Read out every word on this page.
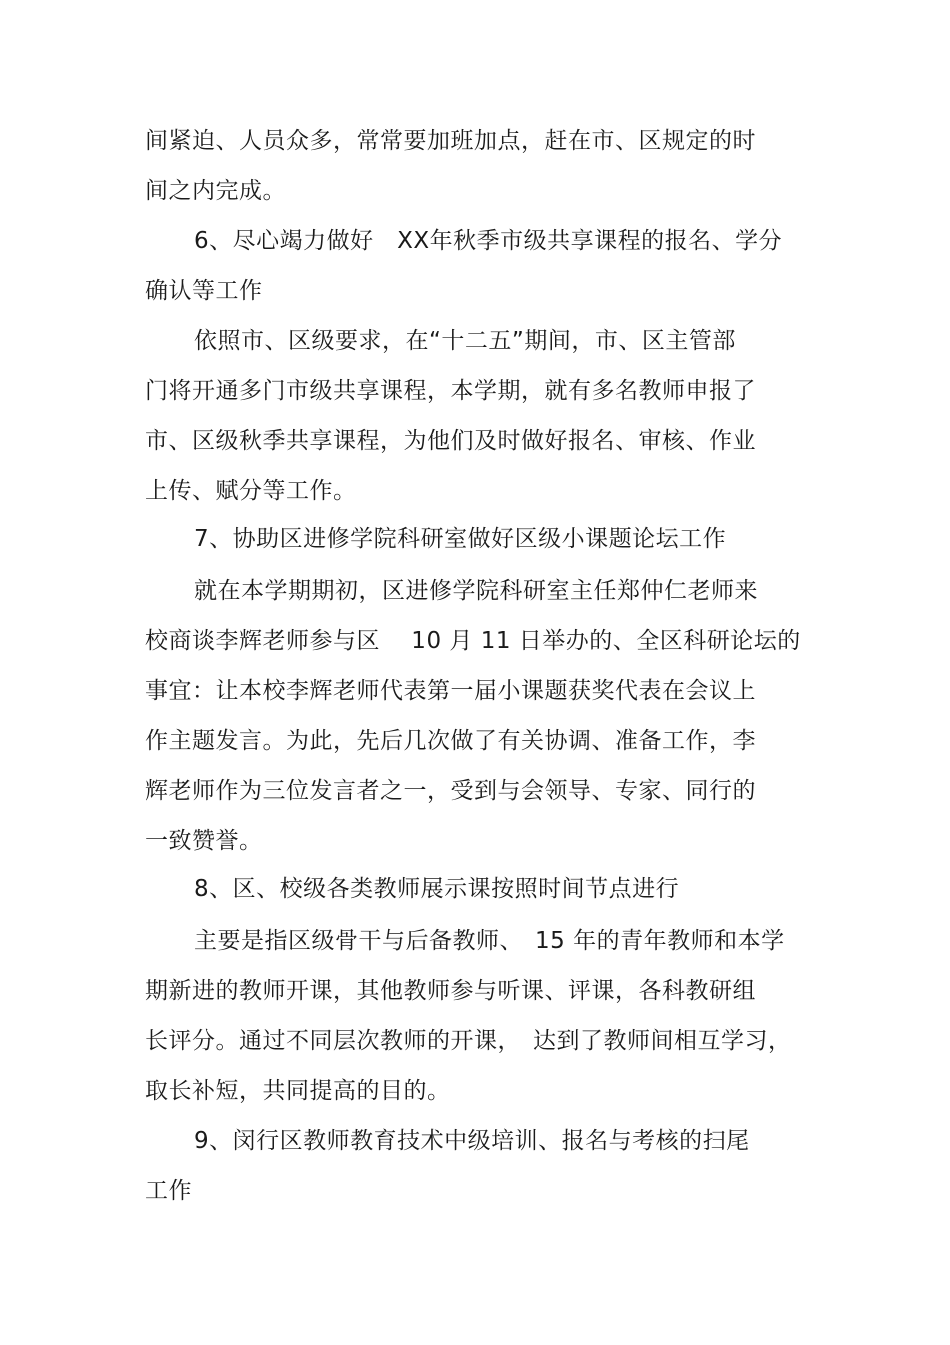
间紧迫、人员众多，常常要加班加点，赶在市、区规定的时
间之内完成。
6、尽心竭力做好　XX年秋季市级共享课程的报名、学分
确认等工作
依照市、区级要求，在“十二五”期间，市、区主管部
门将开通多门市级共享课程，本学期，就有多名教师申报了
市、区级秋季共享课程，为他们及时做好报名、审核、作业
上传、赋分等工作。
7、协助区进修学院科研室做好区级小课题论坛工作
就在本学期期初，区进修学院科研室主任郑仲仁老师来
校商谈李辉老师参与区　 10 月 11 日举办的、全区科研论坛的
事宜：让本校李辉老师代表第一届小课题获奖代表在会议上
作主题发言。为此，先后几次做了有关协调、准备工作，李
辉老师作为三位发言者之一，受到与会领导、专家、同行的
一致赞誉。
8、区、校级各类教师展示课按照时间节点进行
主要是指区级骨干与后备教师、　15 年的青年教师和本学
期新进的教师开课，其他教师参与听课、评课，各科教研组
长评分。通过不同层次教师的开课，　达到了教师间相互学习，
取长补短，共同提高的目的。
9、闵行区教师教育技术中级培训、报名与考核的扫尾
工作
